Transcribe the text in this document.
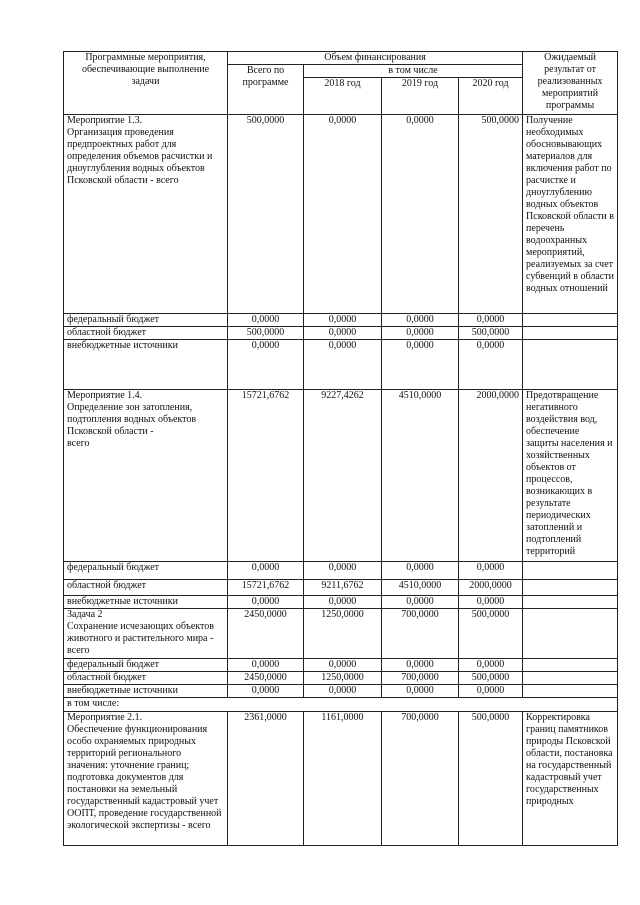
Программные мероприятия, обеспечивающие выполнение задачи	Объем финансирования				Ожидаемый результат от реализованных мероприятий программы
	Всего по программе	в том числе			
		2018 год	2019 год	2020 год	
Мероприятие 1.3.
Организация проведения предпроектных работ для определения объемов расчистки и дноуглубления водных объектов Псковской области - всего	500,0000	0,0000	0,0000	500,0000	Получение необходимых обосновывающих материалов для включения работ по расчистке и дноуглублению водных объектов Псковской области в перечень водоохранных мероприятий, реализуемых за счет субвенций в области водных отношений
федеральный бюджет	0,0000	0,0000	0,0000	0,0000	
областной бюджет	500,0000	0,0000	0,0000	500,0000	
внебюджетные источники	0,0000	0,0000	0,0000	0,0000	
Мероприятие 1.4.
Определение зон затопления, подтопления водных объектов Псковской области -
всего	15721,6762	9227,4262	4510,0000	2000,0000	Предотвращение негативного воздействия вод, обеспечение защиты населения и хозяйственных объектов от процессов, возникающих в результате периодических затоплений и подтоплений территорий
федеральный бюджет	0,0000	0,0000	0,0000	0,0000	
областной бюджет	15721,6762	9211,6762	4510,0000	2000,0000	
внебюджетные источники	0,0000	0,0000	0,0000	0,0000	
Задача 2
Сохранение исчезающих объектов животного и растительного мира - всего	2450,0000	1250,0000	700,0000	500,0000	
федеральный бюджет	0,0000	0,0000	0,0000	0,0000	
областной бюджет	2450,0000	1250,0000	700,0000	500,0000	
внебюджетные источники	0,0000	0,0000	0,0000	0,0000	
в том числе:					
Мероприятие 2.1.
Обеспечение функционирования особо охраняемых природных территорий регионального значения: уточнение границ; подготовка документов для постановки на земельный государственный кадастровый учет ООПТ, проведение государственной экологической экспертизы - всего	2361,0000	1161,0000	700,0000	500,0000	Корректировка границ памятников природы Псковской области, постановка на государственный кадастровый учет государственных природных
